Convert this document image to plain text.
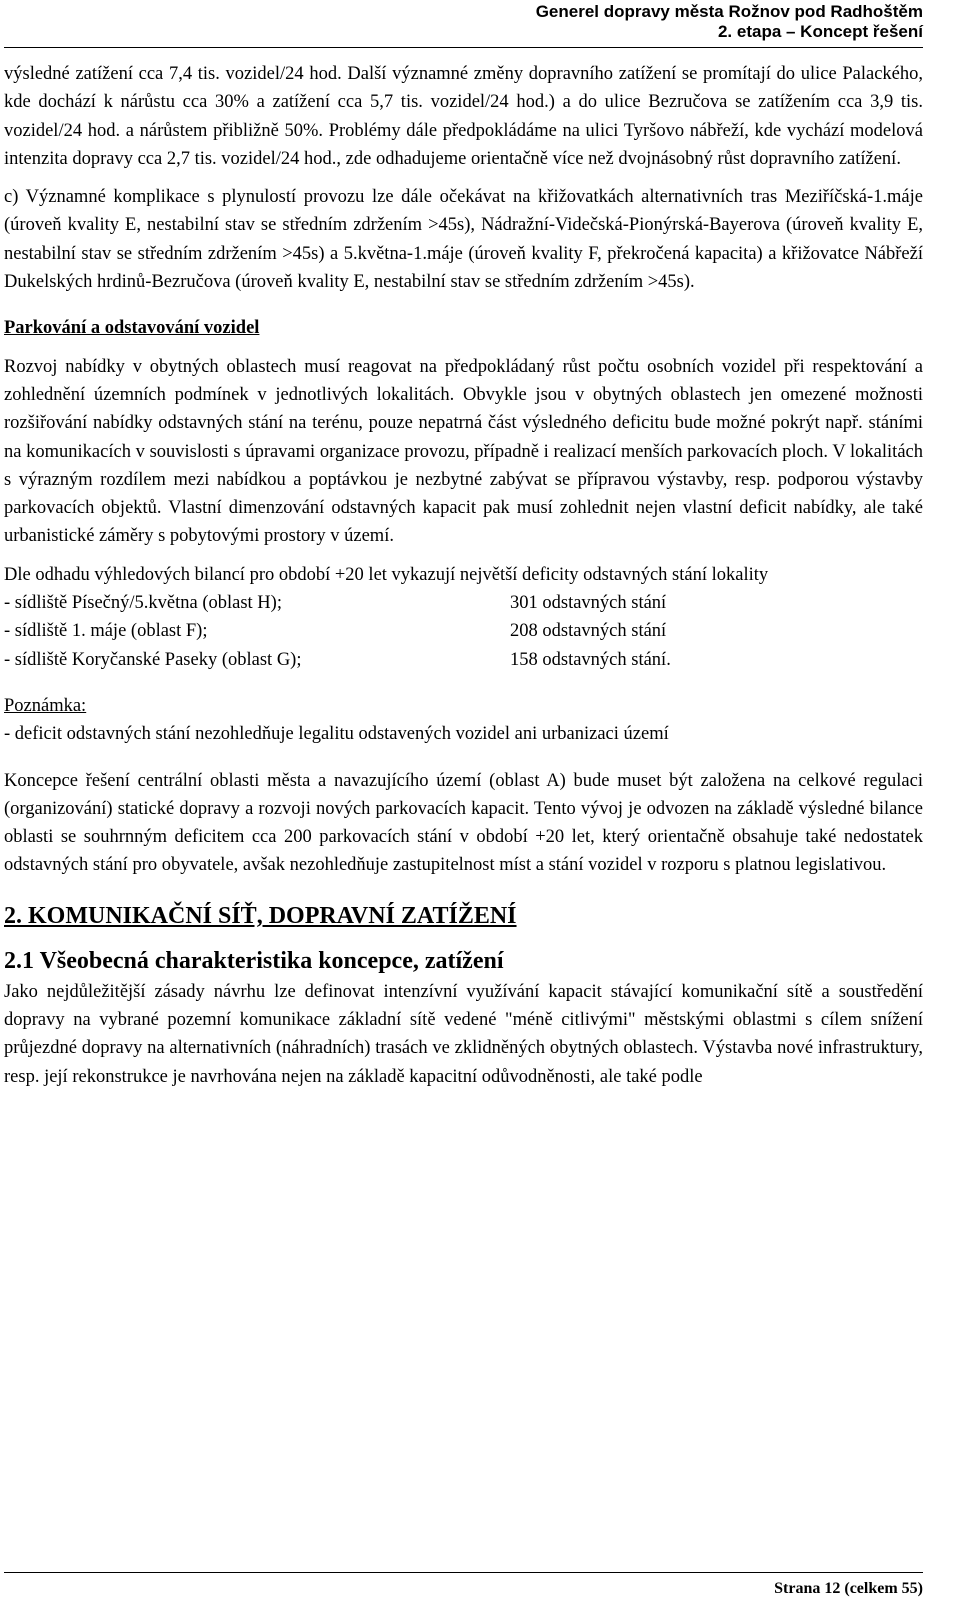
Generel dopravy města Rožnov pod Radhoštěm
2. etapa – Koncept řešení

výsledné zatížení cca 7,4 tis. vozidel/24 hod. Další významné změny dopravního zatížení se promítají do ulice Palackého, kde dochází k nárůstu cca 30% a zatížení cca 5,7 tis. vozidel/24 hod.) a do ulice Bezručova se zatížením cca 3,9 tis. vozidel/24 hod. a nárůstem přibližně 50%. Problémy dále předpokládáme na ulici Tyršovo nábřeží, kde vychází modelová intenzita dopravy cca 2,7 tis. vozidel/24 hod., zde odhadujeme orientačně více než dvojnásobný růst dopravního zatížení.

c) Významné komplikace s plynulostí provozu lze dále očekávat na křižovatkách alternativních tras Meziříčská-1.máje (úroveň kvality E, nestabilní stav se středním zdržením >45s), Nádražní-Videčská-Pionýrská-Bayerova (úroveň kvality E, nestabilní stav se středním zdržením >45s) a 5.května-1.máje (úroveň kvality F, překročená kapacita) a křižovatce Nábřeží Dukelských hrdinů-Bezručova (úroveň kvality E, nestabilní stav se středním zdržením >45s).

Parkování a odstavování vozidel

Rozvoj nabídky v obytných oblastech musí reagovat na předpokládaný růst počtu osobních vozidel při respektování a zohlednění územních podmínek v jednotlivých lokalitách. Obvykle jsou v obytných oblastech jen omezené možnosti rozšiřování nabídky odstavných stání na terénu, pouze nepatrná část výsledného deficitu bude možné pokrýt např. stáními na komunikacích v souvislosti s úpravami organizace provozu, případně i realizací menších parkovacích ploch. V lokalitách s výrazným rozdílem mezi nabídkou a poptávkou je nezbytné zabývat se přípravou výstavby, resp. podporou výstavby parkovacích objektů. Vlastní dimenzování odstavných kapacit pak musí zohlednit nejen vlastní deficit nabídky, ale také urbanistické záměry s pobytovými prostory v území.

Dle odhadu výhledových bilancí pro období +20 let vykazují největší deficity odstavných stání lokality

- sídliště Písečný/5.května (oblast H);	301 odstavných stání
- sídliště 1. máje (oblast F);	208 odstavných stání
- sídliště Koryčanské Paseky (oblast G);	158 odstavných stání.

Poznámka:

- deficit odstavných stání nezohledňuje legalitu odstavených vozidel ani urbanizaci území

Koncepce řešení centrální oblasti města a navazujícího území (oblast A) bude muset být založena na celkové regulaci (organizování) statické dopravy a rozvoji nových parkovacích kapacit. Tento vývoj je odvozen na základě výsledné bilance oblasti se souhrnným deficitem cca 200 parkovacích stání v období +20 let, který orientačně obsahuje také nedostatek odstavných stání pro obyvatele, avšak nezohledňuje zastupitelnost míst a stání vozidel v rozporu s platnou legislativou.

2. KOMUNIKAČNÍ SÍŤ, DOPRAVNÍ ZATÍŽENÍ

2.1 Všeobecná charakteristika koncepce, zatížení

Jako nejdůležitější zásady návrhu lze definovat intenzívní využívání kapacit stávající komunikační sítě a soustředění dopravy na vybrané pozemní komunikace základní sítě vedené "méně citlivými" městskými oblastmi s cílem snížení průjezdné dopravy na alternativních (náhradních) trasách ve zklidněných obytných oblastech. Výstavba nové infrastruktury, resp. její rekonstrukce je navrhována nejen na základě kapacitní odůvodněnosti, ale také podle

Strana 12 (celkem 55)
